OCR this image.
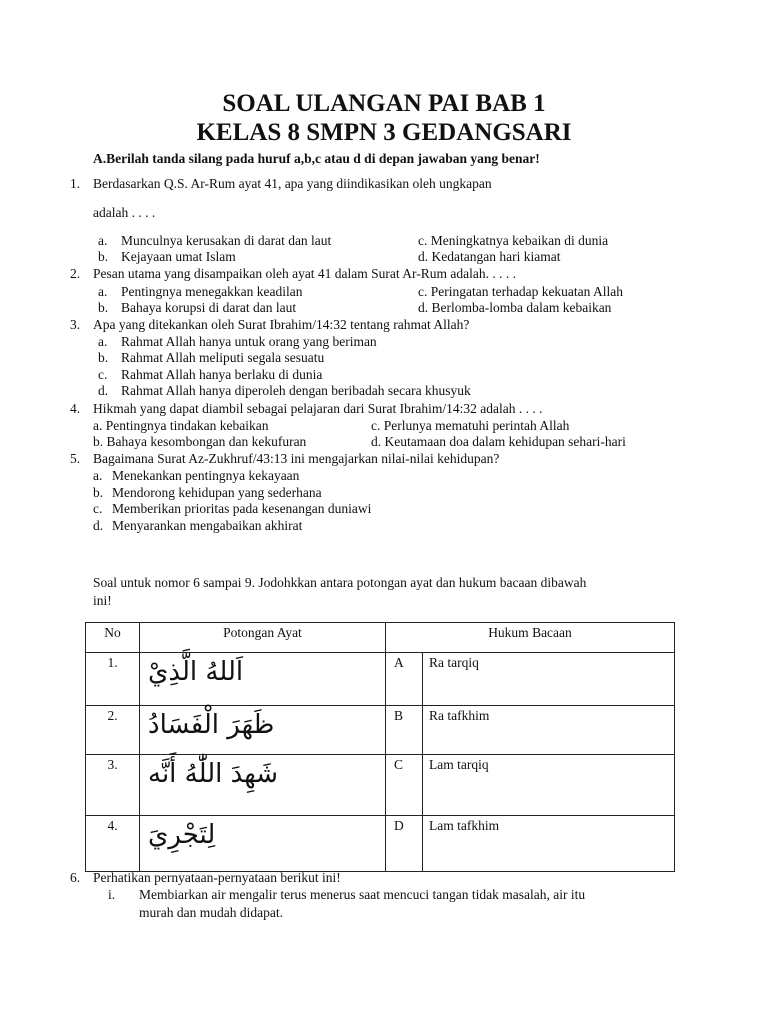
SOAL ULANGAN PAI BAB 1
KELAS 8 SMPN 3 GEDANGSARI
A.Berilah tanda silang pada huruf a,b,c atau d di depan jawaban yang benar!
1. Berdasarkan Q.S. Ar-Rum ayat 41, apa yang diindikasikan oleh ungkapan
adalah . . . .
a. Munculnya kerusakan di darat dan laut	c. Meningkatnya kebaikan di dunia
b. Kejayaan umat Islam	d. Kedatangan hari kiamat
2. Pesan utama yang disampaikan oleh ayat 41 dalam Surat Ar-Rum adalah. . . . .
a. Pentingnya menegakkan keadilan	c. Peringatan terhadap kekuatan Allah
b. Bahaya korupsi di darat dan laut	d. Berlomba-lomba dalam kebaikan
3. Apa yang ditekankan oleh Surat Ibrahim/14:32 tentang rahmat Allah?
a. Rahmat Allah hanya untuk orang yang beriman
b. Rahmat Allah meliputi segala sesuatu
c. Rahmat Allah hanya berlaku di dunia
d. Rahmat Allah hanya diperoleh dengan beribadah secara khusyuk
4. Hikmah yang dapat diambil sebagai pelajaran dari Surat Ibrahim/14:32 adalah . . . .
a. Pentingnya tindakan kebaikan	c. Perlunya mematuhi perintah Allah
b. Bahaya kesombongan dan kekufuran	d. Keutamaan doa dalam kehidupan sehari-hari
5. Bagaimana Surat Az-Zukhruf/43:13 ini mengajarkan nilai-nilai kehidupan?
a. Menekankan pentingnya kekayaan
b. Mendorong kehidupan yang sederhana
c. Memberikan prioritas pada kesenangan duniawi
d. Menyarankan mengabaikan akhirat
Soal untuk nomor 6 sampai 9. Jodohkkan antara potongan ayat dan hukum bacaan dibawah
ini!
No	Potongan Ayat	Hukum Bacaan	

1.	اَللهُ الَّذِيْ	A	Ra tarqiq

2.	ظَهَرَ الْفَسَادُ	B	Ra tafkhim

3.	شَهِدَ اللّٰهُ أَنَّه	C	Lam tarqiq

4.	لِتَجْرِيَ	D	Lam tafkhim
6. Perhatikan pernyataan-pernyataan berikut ini!
i. Membiarkan air mengalir terus menerus saat mencuci tangan tidak masalah, air itu
murah dan mudah didapat.
